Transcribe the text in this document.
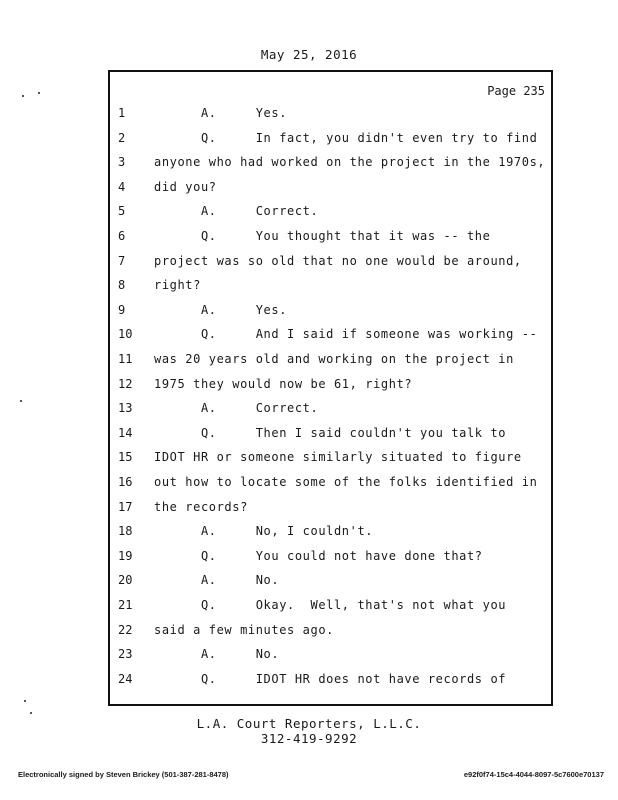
May 25, 2016
Page 235
1	A.     Yes.
2	Q.     In fact, you didn't even try to find
3	anyone who had worked on the project in the 1970s,
4	did you?
5	A.     Correct.
6	Q.     You thought that it was -- the
7	project was so old that no one would be around,
8	right?
9	A.     Yes.
10	Q.     And I said if someone was working --
11	was 20 years old and working on the project in
12	1975 they would now be 61, right?
13	A.     Correct.
14	Q.     Then I said couldn't you talk to
15	IDOT HR or someone similarly situated to figure
16	out how to locate some of the folks identified in
17	the records?
18	A.     No, I couldn't.
19	Q.     You could not have done that?
20	A.     No.
21	Q.     Okay.  Well, that's not what you
22	said a few minutes ago.
23	A.     No.
24	Q.     IDOT HR does not have records of
L.A. Court Reporters, L.L.C.
312-419-9292
Electronically signed by Steven Brickey (501-387-281-8478)	e92f0f74-15c4-4044-8097-5c7600e70137
